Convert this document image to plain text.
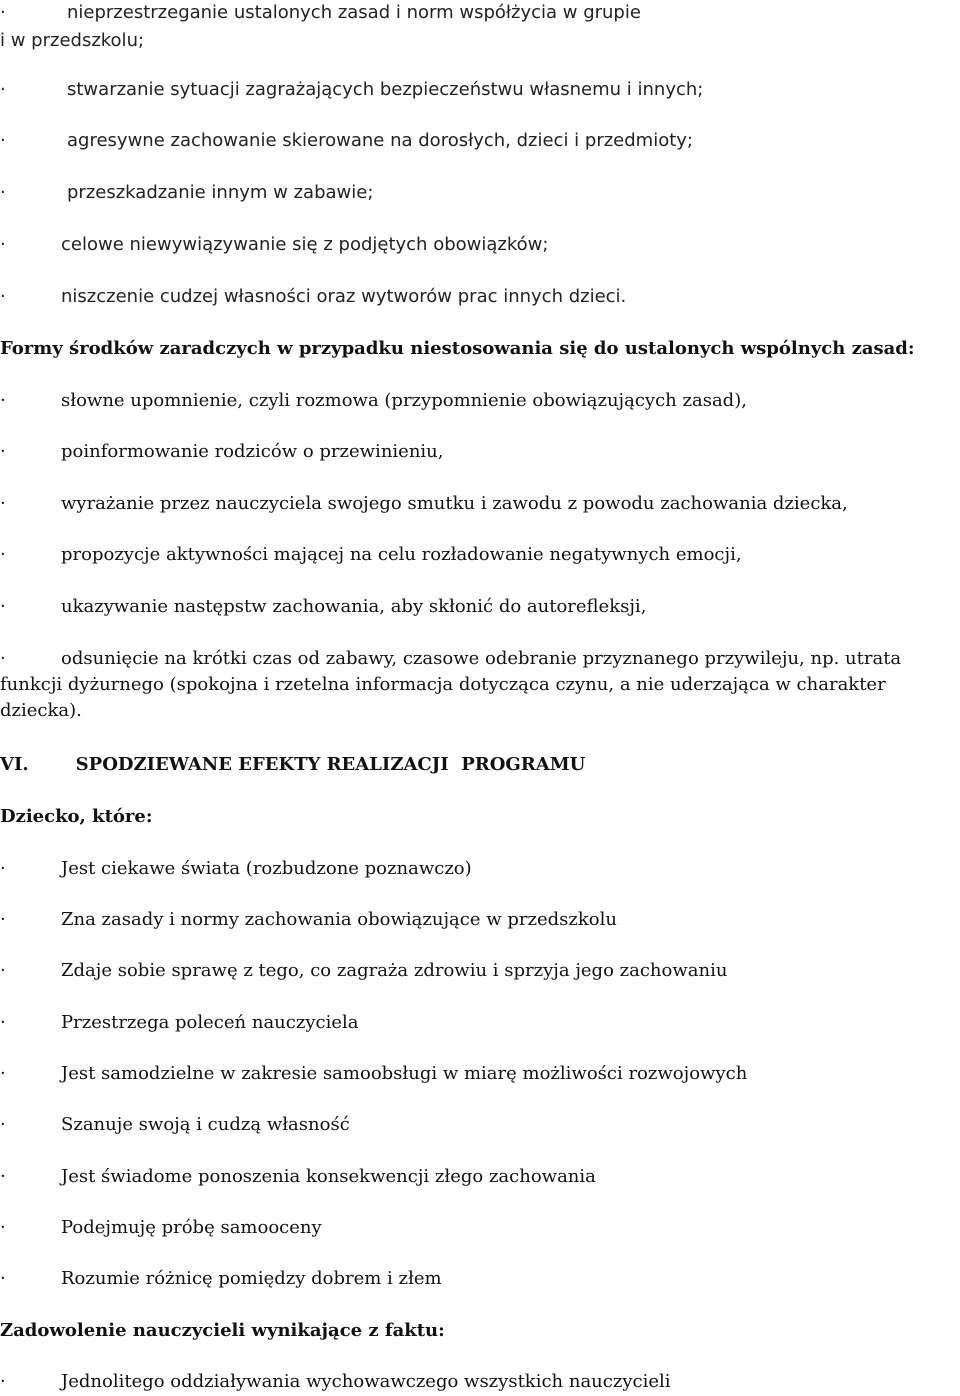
·	nieprzestrzeganie ustalonych zasad i norm współżycia w grupie
i w przedszkolu;
·	stwarzanie sytuacji zagrażających bezpieczeństwu własnemu i innych;
·	agresywne zachowanie skierowane na dorosłych, dzieci i przedmioty;
·	przeszkadzanie innym w zabawie;
·	celowe niewywiązywanie się z podjętych obowiązków;
·	niszczenie cudzej własności oraz wytworów prac innych dzieci.
Formy środków zaradczych w przypadku niestosowania się do ustalonych wspólnych zasad:
·	słowne upomnienie, czyli rozmowa (przypomnienie obowiązujących zasad),
·	poinformowanie rodziców o przewinieniu,
·	wyrażanie przez nauczyciela swojego smutku i zawodu z powodu zachowania dziecka,
·	propozycje aktywności mającej na celu rozładowanie negatywnych emocji,
·	ukazywanie następstw zachowania, aby skłonić do autorefleksji,
·	odsunięcie na krótki czas od zabawy, czasowe odebranie przyznanego przywileju, np. utrata
funkcji dyżurnego (spokojna i rzetelna informacja dotycząca czynu, a nie uderzająca w charakter
dziecka).
VI.	SPODZIEWANE EFEKTY REALIZACJI  PROGRAMU
Dziecko, które:
·	Jest ciekawe świata (rozbudzone poznawczo)
·	Zna zasady i normy zachowania obowiązujące w przedszkolu
·	Zdaje sobie sprawę z tego, co zagraża zdrowiu i sprzyja jego zachowaniu
·	Przestrzega poleceń nauczyciela
·	Jest samodzielne w zakresie samoobsługi w miarę możliwości rozwojowych
·	Szanuje swoją i cudzą własność
·	Jest świadome ponoszenia konsekwencji złego zachowania
·	Podejmuję próbę samooceny
·	Rozumie różnicę pomiędzy dobrem i złem
Zadowolenie nauczycieli wynikające z faktu:
·	Jednolitego oddziaływania wychowawczego wszystkich nauczycieli
